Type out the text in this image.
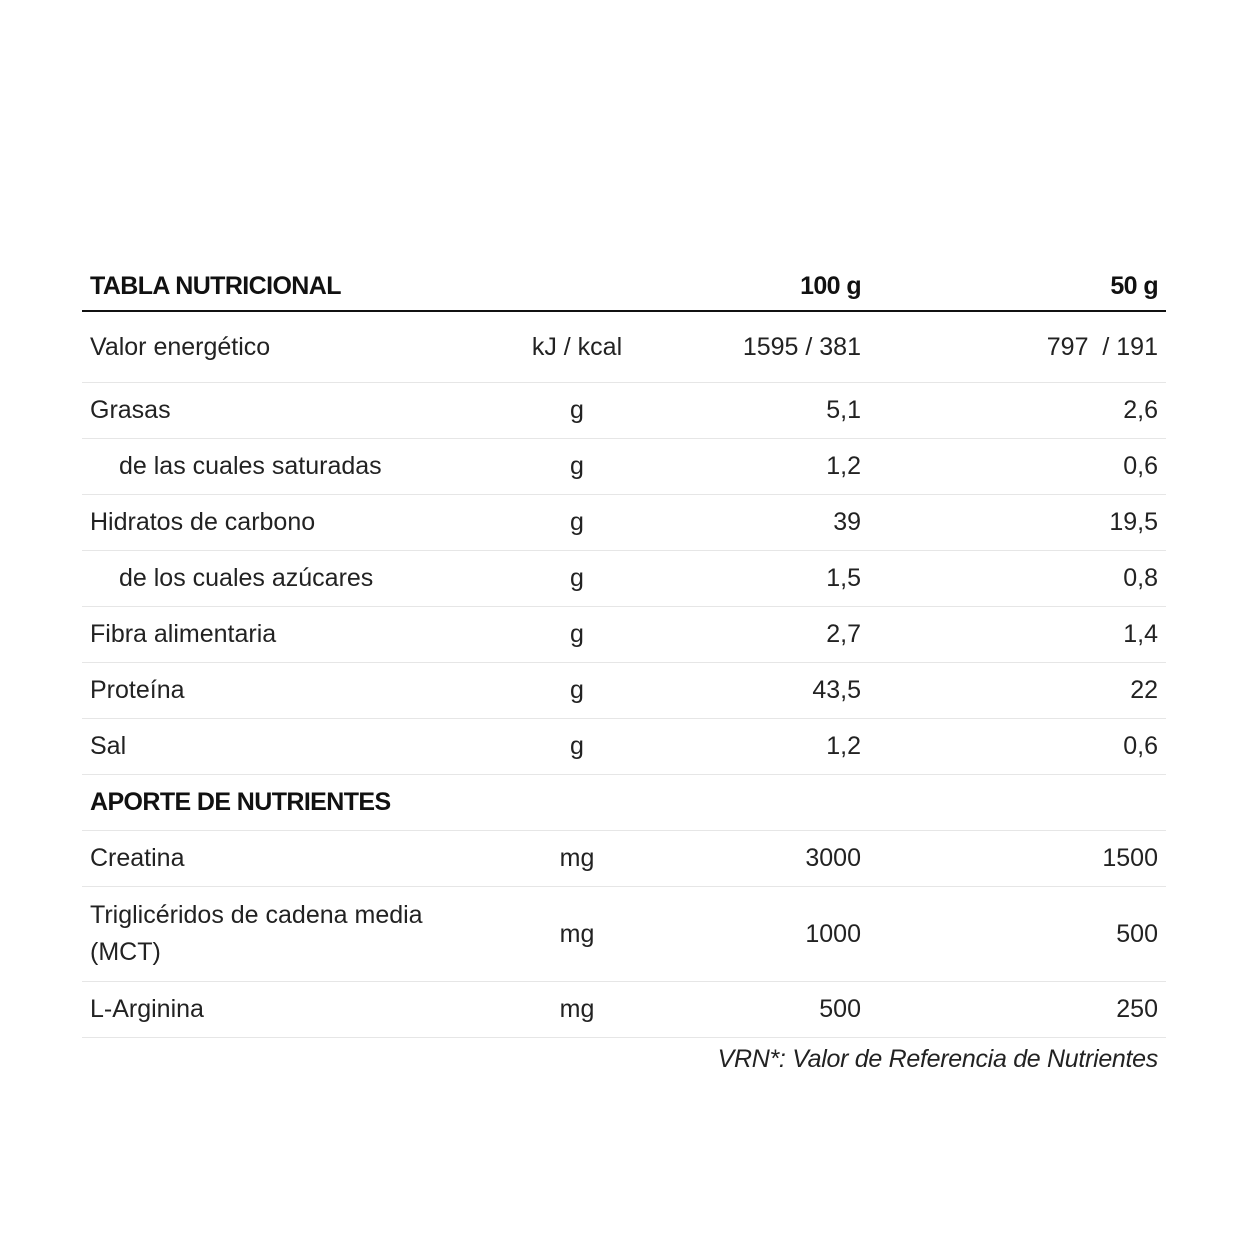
TABLA NUTRICIONAL		100 g	50 g
Valor energético	kJ / kcal	1595 / 381	797  / 191
Grasas	g	5,1	2,6
de las cuales saturadas	g	1,2	0,6
Hidratos de carbono	g	39	19,5
de los cuales azúcares	g	1,5	0,8
Fibra alimentaria	g	2,7	1,4
Proteína	g	43,5	22
Sal	g	1,2	0,6
APORTE DE NUTRIENTES			
Creatina	mg	3000	1500
Triglicéridos de cadena media (MCT)	mg	1000	500
L-Arginina	mg	500	250
VRN*: Valor de Referencia de Nutrientes
